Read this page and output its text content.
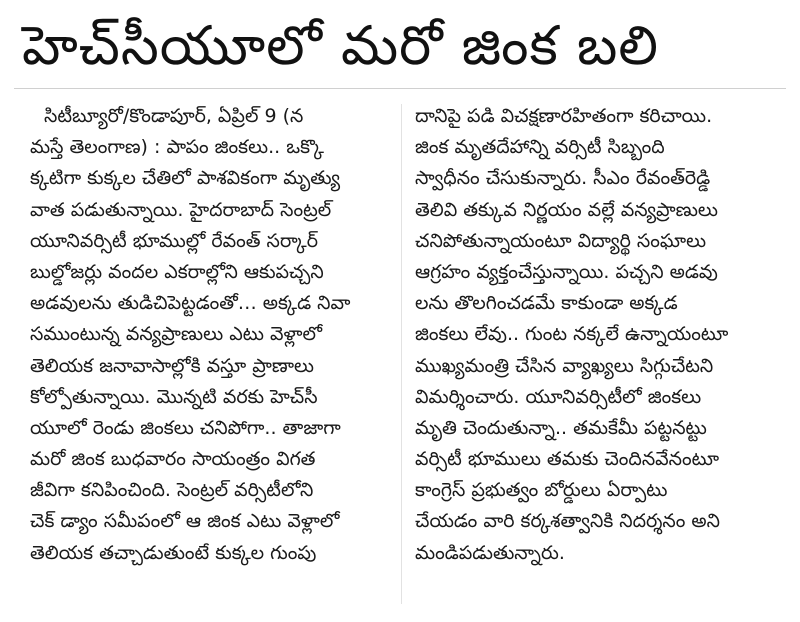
హెచ్‌సీయూలో మరో జింక బలి
సిటీబ్యూరో/కొండాపూర్, ఏప్రిల్ 9 (న
మస్తే తెలంగాణ) : పాపం జింకలు.. ఒక్కొ
క్కటిగా కుక్కల చేతిలో పాశవికంగా మృత్యు
వాత పడుతున్నాయి. హైదరాబాద్ సెంట్రల్
యూనివర్సిటీ భూముల్లో రేవంత్ సర్కార్
బుల్డోజర్లు వందల ఎకరాల్లోని ఆకుపచ్చని
అడవులను తుడిచిపెట్టడంతో… అక్కడ నివా
సముంటున్న వన్యప్రాణులు ఎటు వెళ్లాలో
తెలియక జనావాసాల్లోకి వస్తూ ప్రాణాలు
కోల్పోతున్నాయి. మొన్నటి వరకు హెచ్‌సీ
యూలో రెండు జింకలు చనిపోగా.. తాజాగా
మరో జింక బుధవారం సాయంత్రం విగత
జీవిగా కనిపించింది. సెంట్రల్ వర్సిటీలోని
చెక్ డ్యాం సమీపంలో ఆ జింక ఎటు వెళ్లాలో
తెలియక తచ్చాడుతుంటే కుక్కల గుంపు
దానిపై పడి విచక్షణారహితంగా కరిచాయి.
జింక మృతదేహాన్ని వర్సిటీ సిబ్బంది
స్వాధీనం చేసుకున్నారు. సీఎం రేవంత్‌రెడ్డి
తెలివి తక్కువ నిర్ణయం వల్లే వన్యప్రాణులు
చనిపోతున్నాయంటూ విద్యార్థి సంఘాలు
ఆగ్రహం వ్యక్తంచేస్తున్నాయి. పచ్చని అడవు
లను తొలగించడమే కాకుండా అక్కడ
జింకలు లేవు.. గుంట నక్కలే ఉన్నాయంటూ
ముఖ్యమంత్రి చేసిన వ్యాఖ్యలు సిగ్గుచేటని
విమర్శించారు. యూనివర్సిటీలో జింకలు
మృతి చెందుతున్నా.. తమకేమీ పట్టనట్టు
వర్సిటీ భూములు తమకు చెందినవేనంటూ
కాంగ్రెస్ ప్రభుత్వం బోర్డులు ఏర్పాటు
చేయడం వారి కర్కశత్వానికి నిదర్శనం అని
మండిపడుతున్నారు.
